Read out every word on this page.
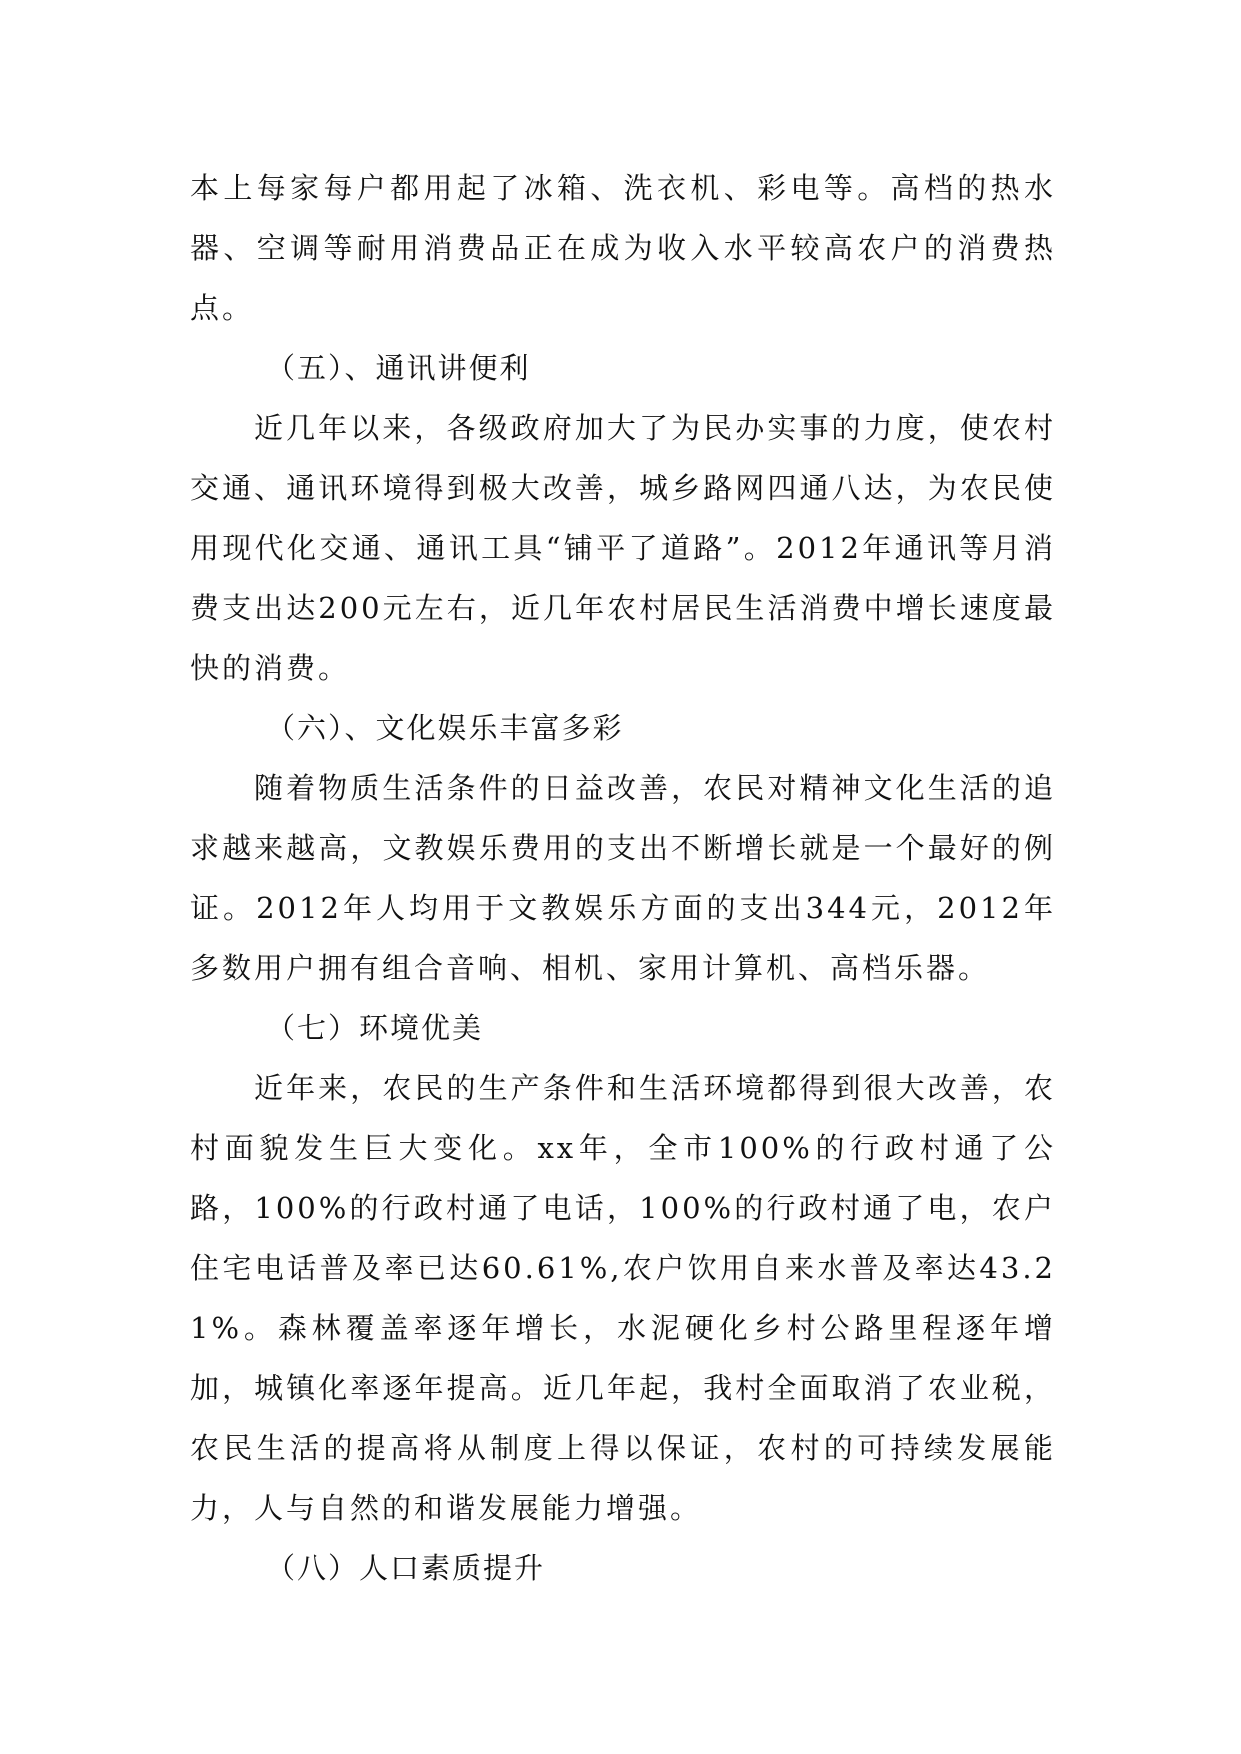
本上每家每户都用起了冰箱、洗衣机、彩电等。高档的热水器、空调等耐用消费品正在成为收入水平较高农户的消费热点。

（五）、通讯讲便利

近几年以来，各级政府加大了为民办实事的力度，使农村交通、通讯环境得到极大改善，城乡路网四通八达，为农民使用现代化交通、通讯工具“铺平了道路”。2012年通讯等月消费支出达200元左右，近几年农村居民生活消费中增长速度最快的消费。

（六）、文化娱乐丰富多彩

随着物质生活条件的日益改善，农民对精神文化生活的追求越来越高，文教娱乐费用的支出不断增长就是一个最好的例证。2012年人均用于文教娱乐方面的支出344元，2012年多数用户拥有组合音响、相机、家用计算机、高档乐器。

（七）环境优美

近年来，农民的生产条件和生活环境都得到很大改善，农村面貌发生巨大变化。xx年，全市100%的行政村通了公路，100%的行政村通了电话，100%的行政村通了电，农户住宅电话普及率已达60.61%,农户饮用自来水普及率达43.21%。森林覆盖率逐年增长，水泥硬化乡村公路里程逐年增加，城镇化率逐年提高。近几年起，我村全面取消了农业税，农民生活的提高将从制度上得以保证，农村的可持续发展能力，人与自然的和谐发展能力增强。

（八）人口素质提升
